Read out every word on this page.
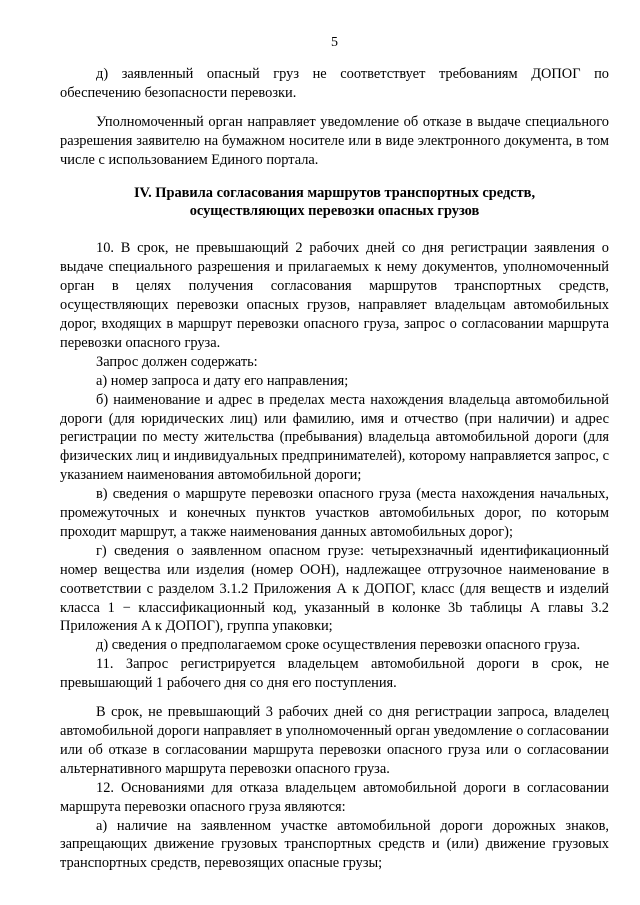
5

д) заявленный опасный груз не соответствует требованиям ДОПОГ по обеспечению безопасности перевозки.

Уполномоченный орган направляет уведомление об отказе в выдаче специального разрешения заявителю на бумажном носителе или в виде электронного документа, в том числе с использованием Единого портала.

IV. Правила согласования маршрутов транспортных средств, осуществляющих перевозки опасных грузов

10. В срок, не превышающий 2 рабочих дней со дня регистрации заявления о выдаче специального разрешения и прилагаемых к нему документов, уполномоченный орган в целях получения согласования маршрутов транспортных средств, осуществляющих перевозки опасных грузов, направляет владельцам автомобильных дорог, входящих в маршрут перевозки опасного груза, запрос о согласовании маршрута перевозки опасного груза.

Запрос должен содержать:

а) номер запроса и дату его направления;

б) наименование и адрес в пределах места нахождения владельца автомобильной дороги (для юридических лиц) или фамилию, имя и отчество (при наличии) и адрес регистрации по месту жительства (пребывания) владельца автомобильной дороги (для физических лиц и индивидуальных предпринимателей), которому направляется запрос, с указанием наименования автомобильной дороги;

в) сведения о маршруте перевозки опасного груза (места нахождения начальных, промежуточных и конечных пунктов участков автомобильных дорог, по которым проходит маршрут, а также наименования данных автомобильных дорог);

г) сведения о заявленном опасном грузе: четырехзначный идентификационный номер вещества или изделия (номер ООН), надлежащее отгрузочное наименование в соответствии с разделом 3.1.2 Приложения А к ДОПОГ, класс (для веществ и изделий класса 1 − классификационный код, указанный в колонке 3b таблицы А главы 3.2 Приложения А к ДОПОГ), группа упаковки;

д) сведения о предполагаемом сроке осуществления перевозки опасного груза.

11. Запрос регистрируется владельцем автомобильной дороги в срок, не превышающий 1 рабочего дня со дня его поступления.

В срок, не превышающий 3 рабочих дней со дня регистрации запроса, владелец автомобильной дороги направляет в уполномоченный орган уведомление о согласовании или об отказе в согласовании маршрута перевозки опасного груза или о согласовании альтернативного маршрута перевозки опасного груза.

12. Основаниями для отказа владельцем автомобильной дороги в согласовании маршрута перевозки опасного груза являются:

а) наличие на заявленном участке автомобильной дороги дорожных знаков, запрещающих движение грузовых транспортных средств и (или) движение грузовых транспортных средств, перевозящих опасные грузы;
